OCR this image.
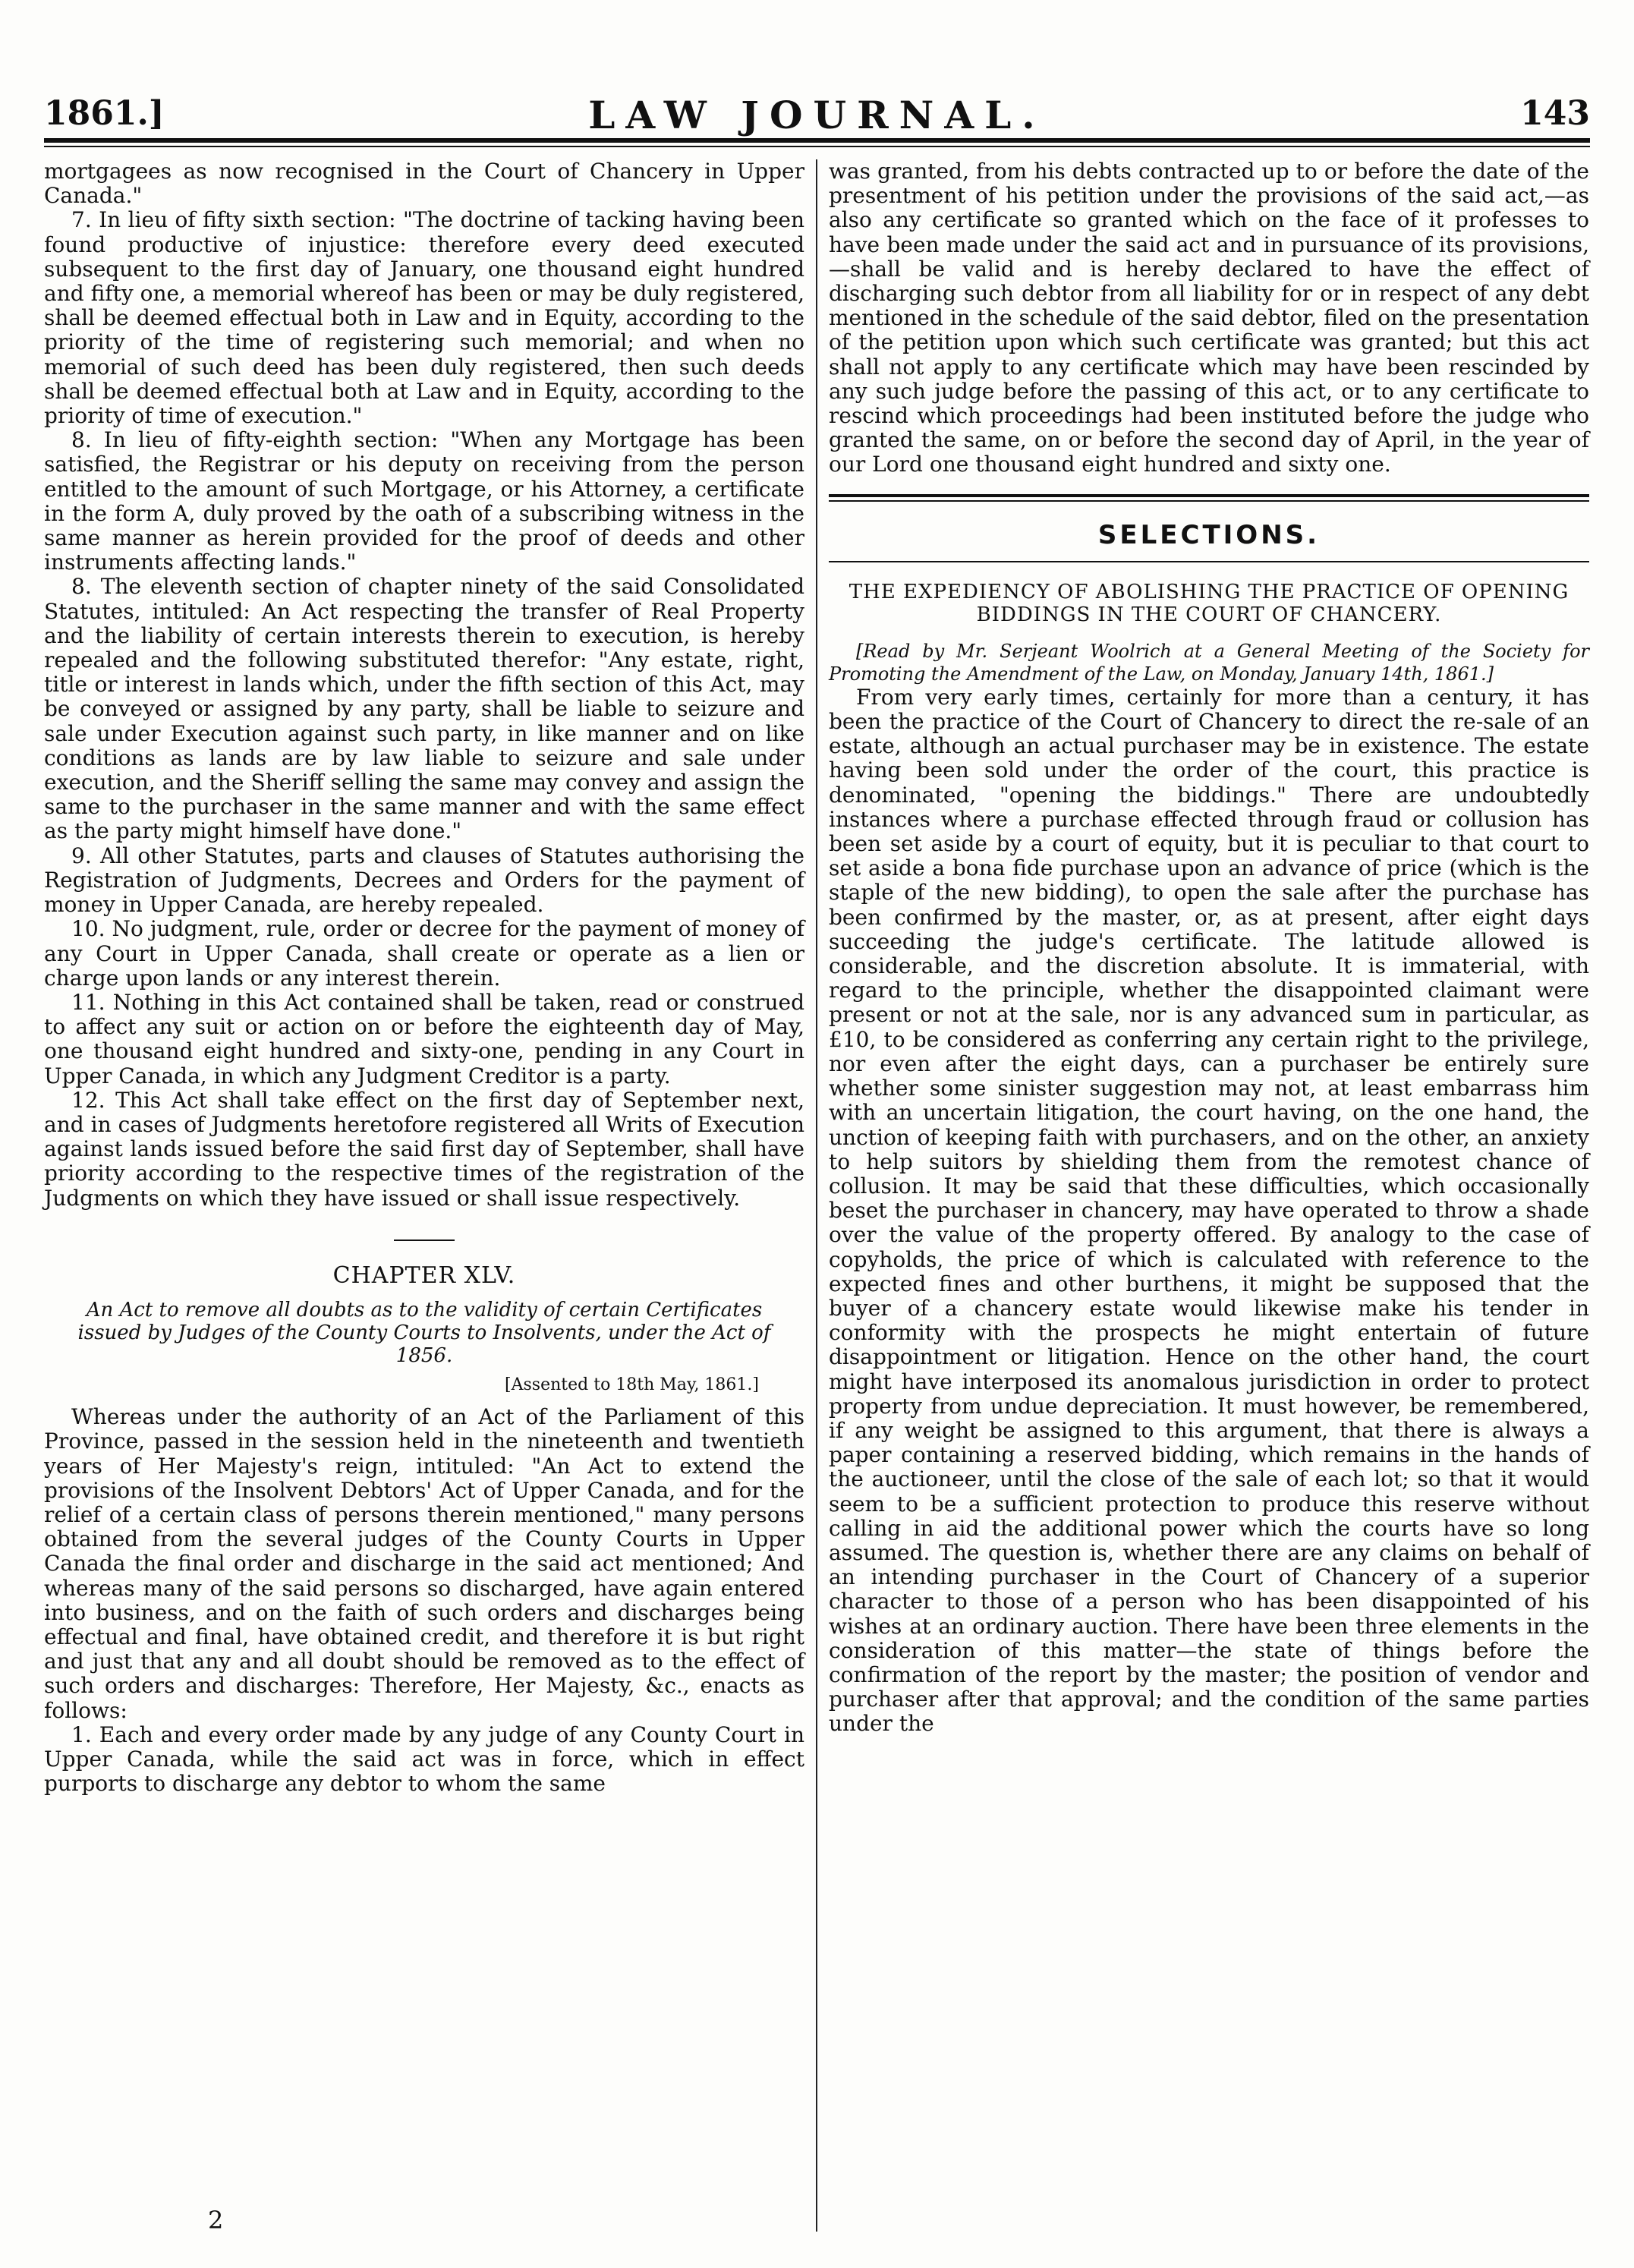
1861.]	LAW JOURNAL.	143

mortgagees as now recognised in the Court of Chancery in Upper Canada."

7. In lieu of fifty sixth section: "The doctrine of tacking having been found productive of injustice: therefore every deed executed subsequent to the first day of January, one thousand eight hundred and fifty one, a memorial whereof has been or may be duly registered, shall be deemed effectual both in Law and in Equity, according to the priority of the time of registering such memorial; and when no memorial of such deed has been duly registered, then such deeds shall be deemed effectual both at Law and in Equity, according to the priority of time of execution."

8. In lieu of fifty-eighth section: "When any Mortgage has been satisfied, the Registrar or his deputy on receiving from the person entitled to the amount of such Mortgage, or his Attorney, a certificate in the form A, duly proved by the oath of a subscribing witness in the same manner as herein provided for the proof of deeds and other instruments affecting lands."

8. The eleventh section of chapter ninety of the said Consolidated Statutes, intituled: An Act respecting the transfer of Real Property and the liability of certain interests therein to execution, is hereby repealed and the following substituted therefor: "Any estate, right, title or interest in lands which, under the fifth section of this Act, may be conveyed or assigned by any party, shall be liable to seizure and sale under Execution against such party, in like manner and on like conditions as lands are by law liable to seizure and sale under execution, and the Sheriff selling the same may convey and assign the same to the purchaser in the same manner and with the same effect as the party might himself have done."

9. All other Statutes, parts and clauses of Statutes authorising the Registration of Judgments, Decrees and Orders for the payment of money in Upper Canada, are hereby repealed.

10. No judgment, rule, order or decree for the payment of money of any Court in Upper Canada, shall create or operate as a lien or charge upon lands or any interest therein.

11. Nothing in this Act contained shall be taken, read or construed to affect any suit or action on or before the eighteenth day of May, one thousand eight hundred and sixty-one, pending in any Court in Upper Canada, in which any Judgment Creditor is a party.

12. This Act shall take effect on the first day of September next, and in cases of Judgments heretofore registered all Writs of Execution against lands issued before the said first day of September, shall have priority according to the respective times of the registration of the Judgments on which they have issued or shall issue respectively.

CHAPTER XLV.
An Act to remove all doubts as to the validity of certain Certificates issued by Judges of the County Courts to Insolvents, under the Act of 1856.
[Assented to 18th May, 1861.]

Whereas under the authority of an Act of the Parliament of this Province, passed in the session held in the nineteenth and twentieth years of Her Majesty's reign, intituled: "An Act to extend the provisions of the Insolvent Debtors' Act of Upper Canada, and for the relief of a certain class of persons therein mentioned," many persons obtained from the several judges of the County Courts in Upper Canada the final order and discharge in the said act mentioned; And whereas many of the said persons so discharged, have again entered into business, and on the faith of such orders and discharges being effectual and final, have obtained credit, and therefore it is but right and just that any and all doubt should be removed as to the effect of such orders and discharges: Therefore, Her Majesty, &c., enacts as follows:

1. Each and every order made by any judge of any County Court in Upper Canada, while the said act was in force, which in effect purports to discharge any debtor to whom the same

was granted, from his debts contracted up to or before the date of the presentment of his petition under the provisions of the said act,—as also any certificate so granted which on the face of it professes to have been made under the said act and in pursuance of its provisions,—shall be valid and is hereby declared to have the effect of discharging such debtor from all liability for or in respect of any debt mentioned in the schedule of the said debtor, filed on the presentation of the petition upon which such certificate was granted; but this act shall not apply to any certificate which may have been rescinded by any such judge before the passing of this act, or to any certificate to rescind which proceedings had been instituted before the judge who granted the same, on or before the second day of April, in the year of our Lord one thousand eight hundred and sixty one.

SELECTIONS.
THE EXPEDIENCY OF ABOLISHING THE PRACTICE OF OPENING BIDDINGS IN THE COURT OF CHANCERY.

[Read by Mr. Serjeant Woolrich at a General Meeting of the Society for Promoting the Amendment of the Law, on Monday, January 14th, 1861.]

From very early times, certainly for more than a century, it has been the practice of the Court of Chancery to direct the re-sale of an estate, although an actual purchaser may be in existence. The estate having been sold under the order of the court, this practice is denominated, "opening the biddings." There are undoubtedly instances where a purchase effected through fraud or collusion has been set aside by a court of equity, but it is peculiar to that court to set aside a bona fide purchase upon an advance of price (which is the staple of the new bidding), to open the sale after the purchase has been confirmed by the master, or, as at present, after eight days succeeding the judge's certificate. The latitude allowed is considerable, and the discretion absolute. It is immaterial, with regard to the principle, whether the disappointed claimant were present or not at the sale, nor is any advanced sum in particular, as £10, to be considered as conferring any certain right to the privilege, nor even after the eight days, can a purchaser be entirely sure whether some sinister suggestion may not, at least embarrass him with an uncertain litigation, the court having, on the one hand, the unction of keeping faith with purchasers, and on the other, an anxiety to help suitors by shielding them from the remotest chance of collusion. It may be said that these difficulties, which occasionally beset the purchaser in chancery, may have operated to throw a shade over the value of the property offered. By analogy to the case of copyholds, the price of which is calculated with reference to the expected fines and other burthens, it might be supposed that the buyer of a chancery estate would likewise make his tender in conformity with the prospects he might entertain of future disappointment or litigation. Hence on the other hand, the court might have interposed its anomalous jurisdiction in order to protect property from undue depreciation. It must however, be remembered, if any weight be assigned to this argument, that there is always a paper containing a reserved bidding, which remains in the hands of the auctioneer, until the close of the sale of each lot; so that it would seem to be a sufficient protection to produce this reserve without calling in aid the additional power which the courts have so long assumed. The question is, whether there are any claims on behalf of an intending purchaser in the Court of Chancery of a superior character to those of a person who has been disappointed of his wishes at an ordinary auction. There have been three elements in the consideration of this matter—the state of things before the confirmation of the report by the master; the position of vendor and purchaser after that approval; and the condition of the same parties under the

2
